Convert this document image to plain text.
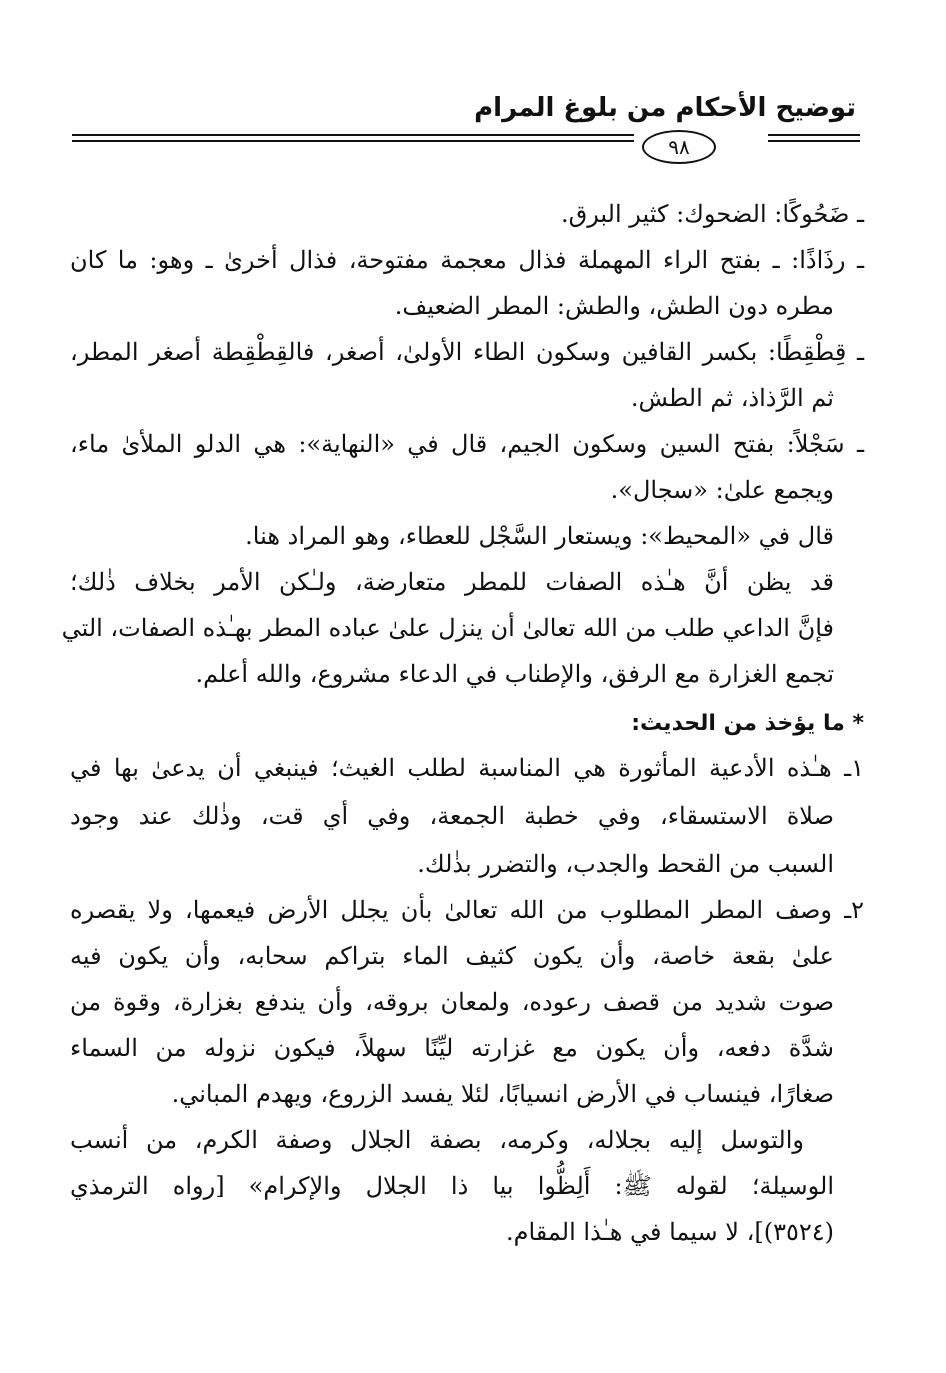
توضيح الأحكام من بلوغ المرام
٩٨
ـ ضَحُوكًا: الضحوك: كثير البرق.
ـ رذَاذًا: ـ بفتح الراء المهملة فذال معجمة مفتوحة، فذال أخرىٰ ـ وهو: ما كان
مطره دون الطش، والطش: المطر الضعيف.
ـ قِطْقِطًا: بكسر القافين وسكون الطاء الأولىٰ، أصغر، فالقِطْقِطة أصغر المطر،
ثم الرَّذاذ، ثم الطش.
ـ سَجْلاً: بفتح السين وسكون الجيم، قال في «النهاية»: هي الدلو الملأىٰ ماء،
ويجمع علىٰ: «سجال».
قال في «المحيط»: ويستعار السَّجْل للعطاء، وهو المراد هنا.
قد يظن أنَّ هـٰذه الصفات للمطر متعارضة، ولـٰكن الأمر بخلاف ذٰلك؛
فإنَّ الداعي طلب من الله تعالىٰ أن ينزل علىٰ عباده المطر بهـٰذه الصفات، التي
تجمع الغزارة مع الرفق، والإطناب في الدعاء مشروع، والله أعلم.
* ما يؤخذ من الحديث:
١ـ هـٰذه الأدعية المأثورة هي المناسبة لطلب الغيث؛ فينبغي أن يدعىٰ بها في
صلاة الاستسقاء، وفي خطبة الجمعة، وفي أي قت، وذٰلك عند وجود
السبب من القحط والجدب، والتضرر بذٰلك.
٢ـ وصف المطر المطلوب من الله تعالىٰ بأن يجلل الأرض فيعمها، ولا يقصره
علىٰ بقعة خاصة، وأن يكون كثيف الماء بتراكم سحابه، وأن يكون فيه
صوت شديد من قصف رعوده، ولمعان بروقه، وأن يندفع بغزارة، وقوة من
شدَّة دفعه، وأن يكون مع غزارته ليِّنًا سهلاً، فيكون نزوله من السماء
صغارًا، فينساب في الأرض انسيابًا، لئلا يفسد الزروع، ويهدم المباني.
والتوسل إليه بجلاله، وكرمه، بصفة الجلال وصفة الكرم، من أنسب
الوسيلة؛ لقوله ﷺ: أَلِظُّوا بيا ذا الجلال والإكرام» [رواه الترمذي
(٣٥٢٤)]، لا سيما في هـٰذا المقام.
